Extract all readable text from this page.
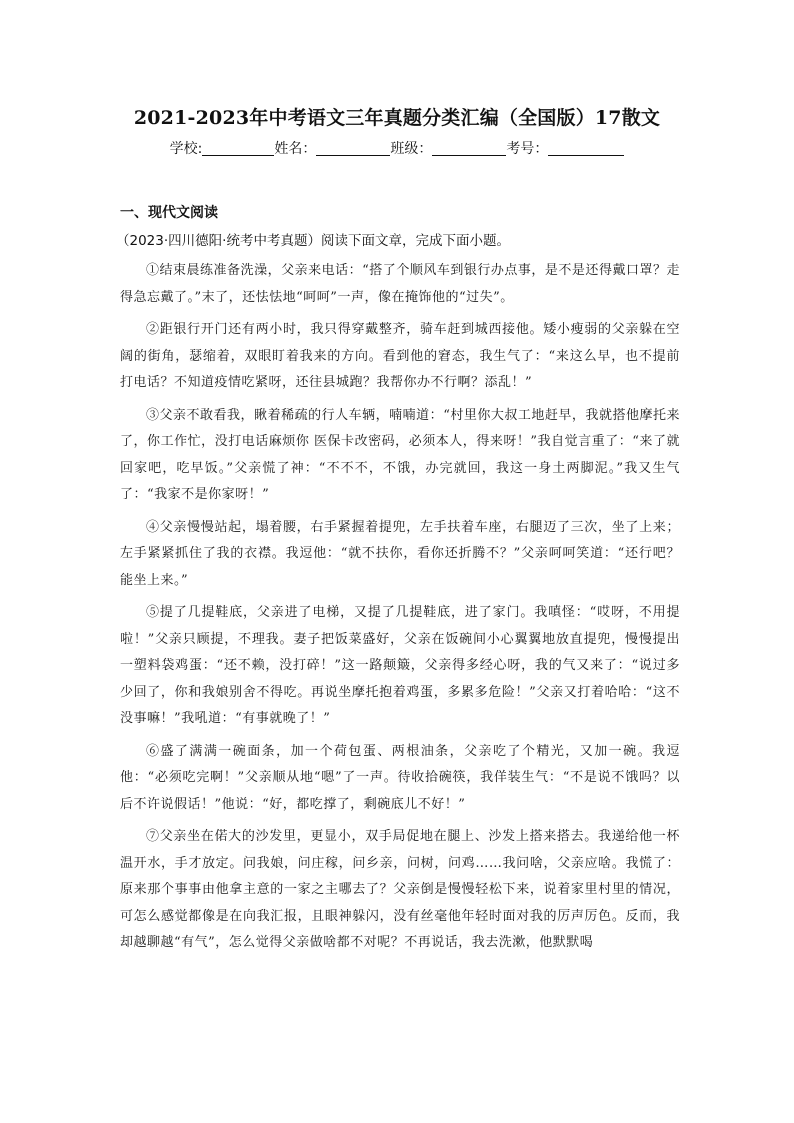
2021-2023年中考语文三年真题分类汇编（全国版）17散文
学校:	姓名：	班级：	考号：
一、现代文阅读
（2023·四川德阳·统考中考真题）阅读下面文章，完成下面小题。

①结束晨练准备洗澡，父亲来电话：“搭了个顺风车到银行办点事，是不是还得戴口罩？走得急忘戴了。”末了，还怯怯地“呵呵”一声，像在掩饰他的“过失”。

②距银行开门还有两小时，我只得穿戴整齐，骑车赶到城西接他。矮小瘦弱的父亲躲在空阔的街角，瑟缩着，双眼盯着我来的方向。看到他的窘态，我生气了：“来这么早，也不提前打电话？不知道疫情吃紧呀，还往县城跑？我帮你办不行啊？添乱！”

③父亲不敢看我，瞅着稀疏的行人车辆，喃喃道：“村里你大叔工地赶早，我就搭他摩托来了，你工作忙，没打电话麻烦你 医保卡改密码，必须本人，得来呀！”我自觉言重了：“来了就回家吧，吃早饭。”父亲慌了神：“不不不，不饿，办完就回，我这一身土两脚泥。”我又生气了：“我家不是你家呀！”

④父亲慢慢站起，塌着腰，右手紧握着提兜，左手扶着车座，右腿迈了三次，坐了上来；左手紧紧抓住了我的衣襟。我逗他：“就不扶你，看你还折腾不？”父亲呵呵笑道：“还行吧？能坐上来。”

⑤提了几提鞋底，父亲进了电梯，又提了几提鞋底，进了家门。我嗔怪：“哎呀，不用提啦！”父亲只顾提，不理我。妻子把饭菜盛好，父亲在饭碗间小心翼翼地放直提兜，慢慢提出一塑料袋鸡蛋：“还不赖，没打碎！”这一路颠簸，父亲得多经心呀，我的气又来了：“说过多少回了，你和我娘别舍不得吃。再说坐摩托抱着鸡蛋，多累多危险！”父亲又打着哈哈：“这不没事嘛！”我吼道：“有事就晚了！”

⑥盛了满满一碗面条，加一个荷包蛋、两根油条，父亲吃了个精光，又加一碗。我逗他：“必须吃完啊！”父亲顺从地“嗯”了一声。待收拾碗筷，我佯装生气：“不是说不饿吗？以后不许说假话！”他说：“好，都吃撑了，剩碗底儿不好！”

⑦父亲坐在偌大的沙发里，更显小，双手局促地在腿上、沙发上搭来搭去。我递给他一杯温开水，手才放定。问我娘，问庄稼，问乡亲，问树，问鸡……我问啥，父亲应啥。我慌了：原来那个事事由他拿主意的一家之主哪去了？父亲倒是慢慢轻松下来，说着家里村里的情况，可怎么感觉都像是在向我汇报，且眼神躲闪，没有丝毫他年轻时面对我的厉声厉色。反而，我却越聊越“有气”，怎么觉得父亲做啥都不对呢？不再说话，我去洗漱，他默默喝
